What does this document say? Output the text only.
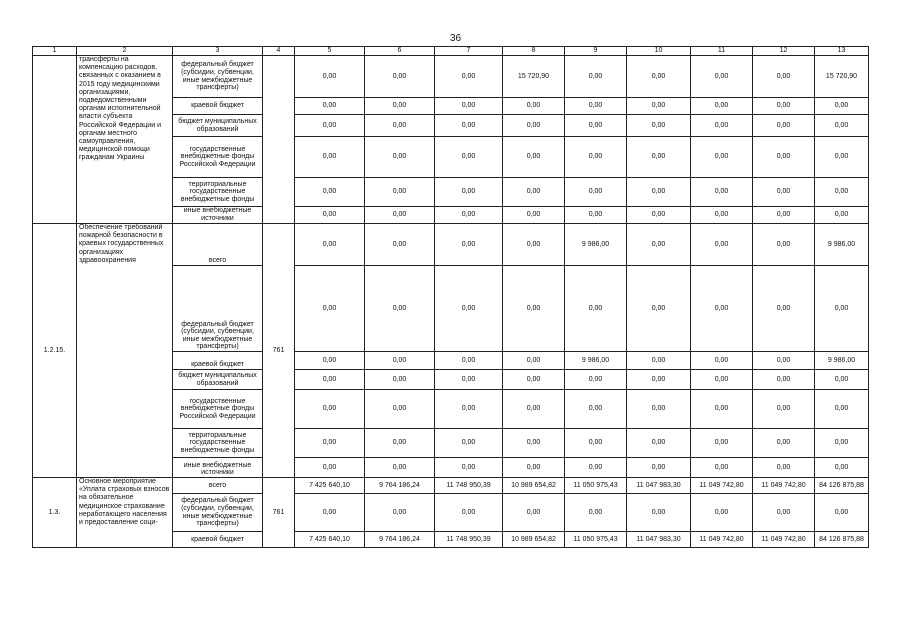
36
1	2	3	4	5	6	7	8	9	10	11	12	13
	трансферты на компенсацию расходов, связанных с оказанием в 2015 году медицинскими организациями, подведомственными органам исполнительной власти субъекта Российской Федерации и органам местного самоуправления, медицинской помощи гражданам Украины	федеральный бюджет (субсидии, субвенции, иные межбюджетные трансферты)		0,00	0,00	0,00	15 720,90	0,00	0,00	0,00	0,00	15 720,90
		краевой бюджет		0,00	0,00	0,00	0,00	0,00	0,00	0,00	0,00	0,00
		бюджет муниципальных образований		0,00	0,00	0,00	0,00	0,00	0,00	0,00	0,00	0,00
		государственные внебюджетные фонды Российской Федерации		0,00	0,00	0,00	0,00	0,00	0,00	0,00	0,00	0,00
		территориальные государственные внебюджетные фонды		0,00	0,00	0,00	0,00	0,00	0,00	0,00	0,00	0,00
		иные внебюджетные источники		0,00	0,00	0,00	0,00	0,00	0,00	0,00	0,00	0,00
1.2.15.	Обеспечение требований пожарной безопасности в краевых государственных организациях здравоохранения	всего	761	0,00	0,00	0,00	0,00	9 986,00	0,00	0,00	0,00	9 986,00
		федеральный бюджет (субсидии, субвенции, иные межбюджетные трансферты)		0,00	0,00	0,00	0,00	0,00	0,00	0,00	0,00	0,00
		краевой бюджет		0,00	0,00	0,00	0,00	9 986,00	0,00	0,00	0,00	9 986,00
		бюджет муниципальных образований		0,00	0,00	0,00	0,00	0,00	0,00	0,00	0,00	0,00
		государственные внебюджетные фонды Российской Федерации		0,00	0,00	0,00	0,00	0,00	0,00	0,00	0,00	0,00
		территориальные государственные внебюджетные фонды		0,00	0,00	0,00	0,00	0,00	0,00	0,00	0,00	0,00
		иные внебюджетные источники		0,00	0,00	0,00	0,00	0,00	0,00	0,00	0,00	0,00
1.3.	Основное мероприятие «Уплата страховых взносов на обязательное медицинское страхование неработающего населения и предоставление соци-	всего	761	7 425 640,10	9 764 186,24	11 748 950,39	10 989 654,82	11 050 975,43	11 047 983,30	11 049 742,80	11 049 742,80	84 126 875,88
		федеральный бюджет (субсидии, субвенции, иные межбюджетные трансферты)		0,00	0,00	0,00	0,00	0,00	0,00	0,00	0,00	0,00
		краевой бюджет		7 425 640,10	9 764 186,24	11 748 950,39	10 989 654,82	11 050 975,43	11 047 983,30	11 049 742,80	11 049 742,80	84 126 875,88
